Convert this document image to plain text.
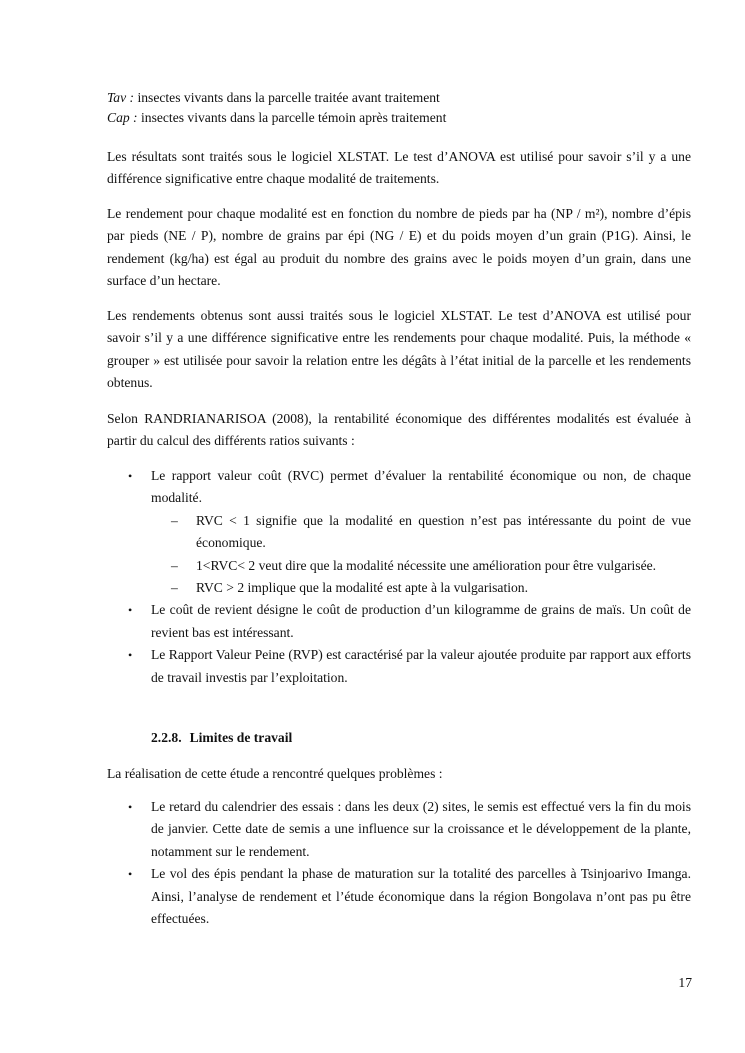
Tav : insectes vivants dans la parcelle traitée avant traitement
Cap : insectes vivants dans la parcelle témoin après traitement
Les résultats sont traités sous le logiciel XLSTAT. Le test d’ANOVA est utilisé pour savoir s’il y a une différence significative entre chaque modalité de traitements.
Le rendement pour chaque modalité est en fonction du nombre de pieds par ha (NP / m²), nombre d’épis par pieds (NE / P), nombre de grains par épi (NG / E) et du poids moyen d’un grain (P1G). Ainsi, le rendement (kg/ha) est égal au produit du nombre des grains avec le poids moyen d’un grain, dans une surface d’un hectare.
Les rendements obtenus sont aussi traités sous le logiciel XLSTAT. Le test d’ANOVA est utilisé pour savoir s’il y a une différence significative entre les rendements pour chaque modalité. Puis, la méthode « grouper » est utilisée pour savoir la relation entre les dégâts à l’état initial de la parcelle et les rendements obtenus.
Selon RANDRIANARISOA (2008), la rentabilité économique des différentes modalités est évaluée à partir du calcul des différents ratios suivants :
• Le rapport valeur coût (RVC) permet d’évaluer la rentabilité économique ou non, de chaque modalité.
– RVC < 1 signifie que la modalité en question n’est pas intéressante du point de vue économique.
– 1<RVC< 2 veut dire que la modalité nécessite une amélioration pour être vulgarisée.
– RVC > 2 implique que la modalité est apte à la vulgarisation.
• Le coût de revient désigne le coût de production d’un kilogramme de grains de maïs. Un coût de revient bas est intéressant.
• Le Rapport Valeur Peine (RVP) est caractérisé par la valeur ajoutée produite par rapport aux efforts de travail investis par l’exploitation.
2.2.8. Limites de travail
La réalisation de cette étude a rencontré quelques problèmes :
• Le retard du calendrier des essais : dans les deux (2) sites, le semis est effectué vers la fin du mois de janvier. Cette date de semis a une influence sur la croissance et le développement de la plante, notamment sur le rendement.
• Le vol des épis pendant la phase de maturation sur la totalité des parcelles à Tsinjoarivo Imanga. Ainsi, l’analyse de rendement et l’étude économique dans la région Bongolava n’ont pas pu être effectuées.
17
